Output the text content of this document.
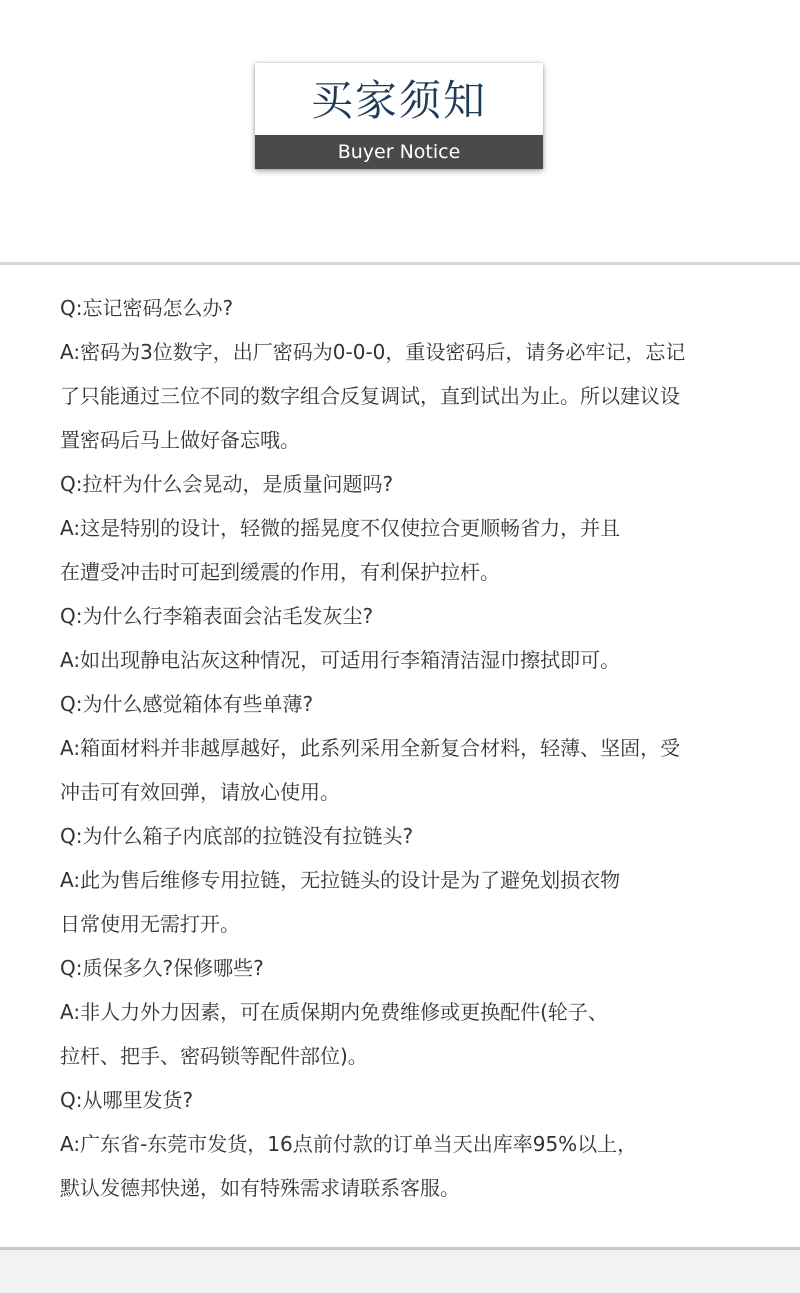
买家须知
Buyer Notice
Q:忘记密码怎么办?
A:密码为3位数字，出厂密码为0-0-0，重设密码后，请务必牢记，忘记
了只能通过三位不同的数字组合反复调试，直到试出为止。所以建议设
置密码后马上做好备忘哦。
Q:拉杆为什么会晃动，是质量问题吗?
A:这是特别的设计，轻微的摇晃度不仅使拉合更顺畅省力，并且
在遭受冲击时可起到缓震的作用，有利保护拉杆。
Q:为什么行李箱表面会沾毛发灰尘?
A:如出现静电沾灰这种情况，可适用行李箱清洁湿巾擦拭即可。
Q:为什么感觉箱体有些单薄?
A:箱面材料并非越厚越好，此系列采用全新复合材料，轻薄、坚固，受
冲击可有效回弹，请放心使用。
Q:为什么箱子内底部的拉链没有拉链头?
A:此为售后维修专用拉链，无拉链头的设计是为了避免划损衣物
日常使用无需打开。
Q:质保多久?保修哪些?
A:非人力外力因素，可在质保期内免费维修或更换配件(轮子、
拉杆、把手、密码锁等配件部位)。
Q:从哪里发货?
A:广东省-东莞市发货，16点前付款的订单当天出库率95%以上，
默认发德邦快递，如有特殊需求请联系客服。
